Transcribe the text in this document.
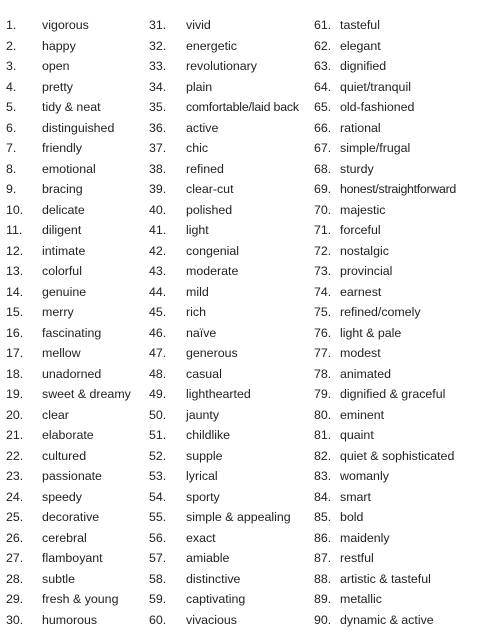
1. vigorous
2. happy
3. open
4. pretty
5. tidy & neat
6. distinguished
7. friendly
8. emotional
9. bracing
10. delicate
11. diligent
12. intimate
13. colorful
14. genuine
15. merry
16. fascinating
17. mellow
18. unadorned
19. sweet & dreamy
20. clear
21. elaborate
22. cultured
23. passionate
24. speedy
25. decorative
26. cerebral
27. flamboyant
28. subtle
29. fresh & young
30. humorous
31. vivid
32. energetic
33. revolutionary
34. plain
35. comfortable/laid back
36. active
37. chic
38. refined
39. clear-cut
40. polished
41. light
42. congenial
43. moderate
44. mild
45. rich
46. naïve
47. generous
48. casual
49. lighthearted
50. jaunty
51. childlike
52. supple
53. lyrical
54. sporty
55. simple & appealing
56. exact
57. amiable
58. distinctive
59. captivating
60. vivacious
61. tasteful
62. elegant
63. dignified
64. quiet/tranquil
65. old-fashioned
66. rational
67. simple/frugal
68. sturdy
69. honest/straightforward
70. majestic
71. forceful
72. nostalgic
73. provincial
74. earnest
75. refined/comely
76. light & pale
77. modest
78. animated
79. dignified & graceful
80. eminent
81. quaint
82. quiet & sophisticated
83. womanly
84. smart
85. bold
86. maidenly
87. restful
88. artistic & tasteful
89. metallic
90. dynamic & active
